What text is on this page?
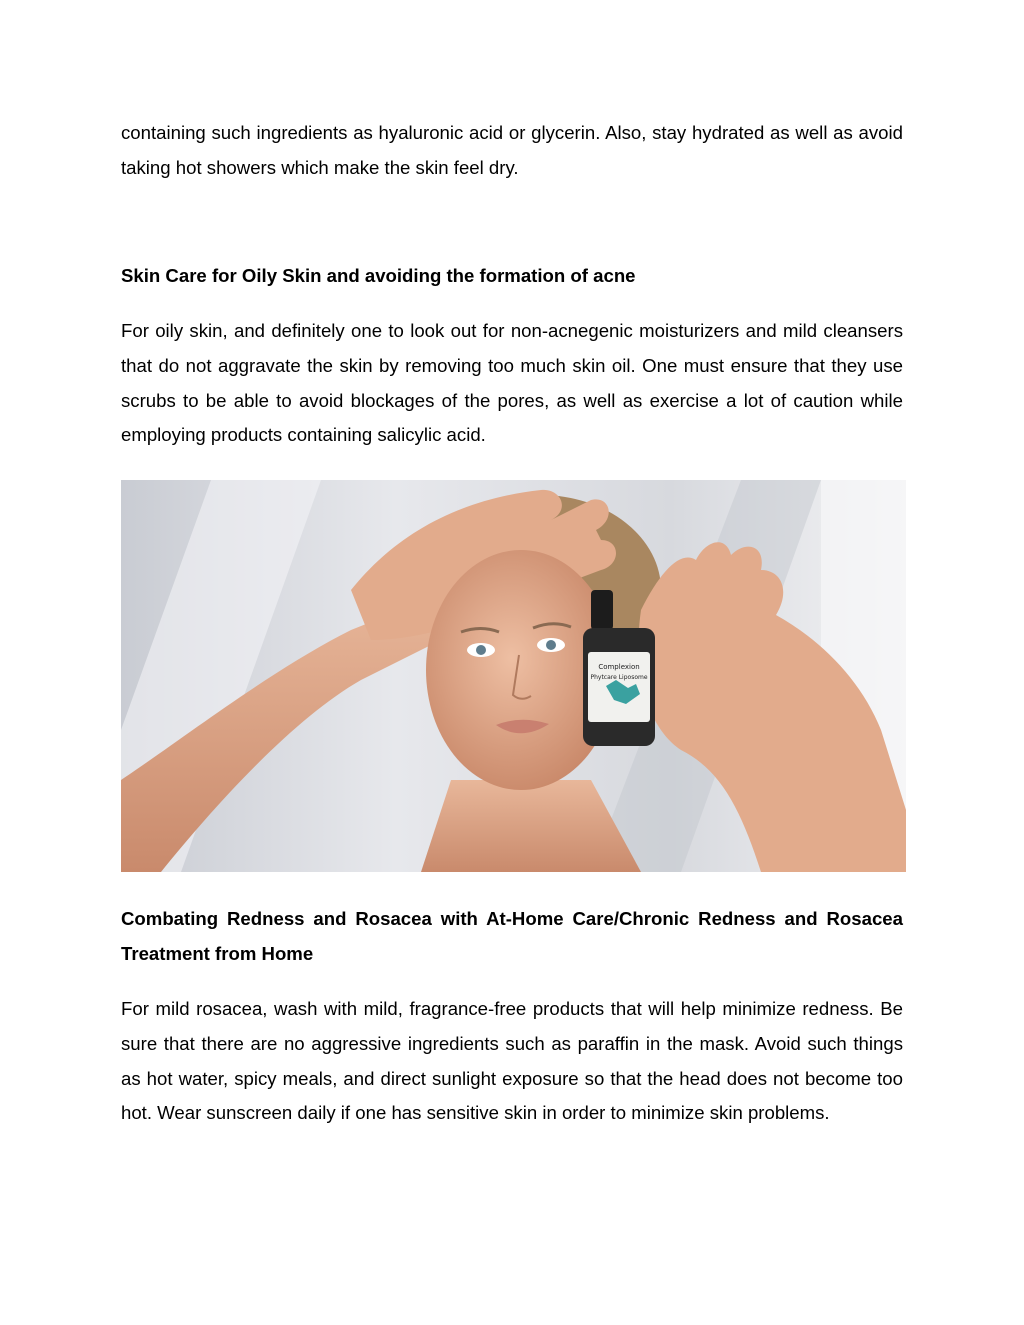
containing such ingredients as hyaluronic acid or glycerin. Also, stay hydrated as well as avoid taking hot showers which make the skin feel dry.

Skin Care for Oily Skin and avoiding the formation of acne

For oily skin, and definitely one to look out for non-acnegenic moisturizers and mild cleansers that do not aggravate the skin by removing too much skin oil. One must ensure that they use scrubs to be able to avoid blockages of the pores, as well as exercise a lot of caution while employing products containing salicylic acid.

Complexion
Phytcare Liposome
Combating Redness and Rosacea with At-Home Care/Chronic Redness and Rosacea Treatment from Home

For mild rosacea, wash with mild, fragrance-free products that will help minimize redness. Be sure that there are no aggressive ingredients such as paraffin in the mask. Avoid such things as hot water, spicy meals, and direct sunlight exposure so that the head does not become too hot. Wear sunscreen daily if one has sensitive skin in order to minimize skin problems.
